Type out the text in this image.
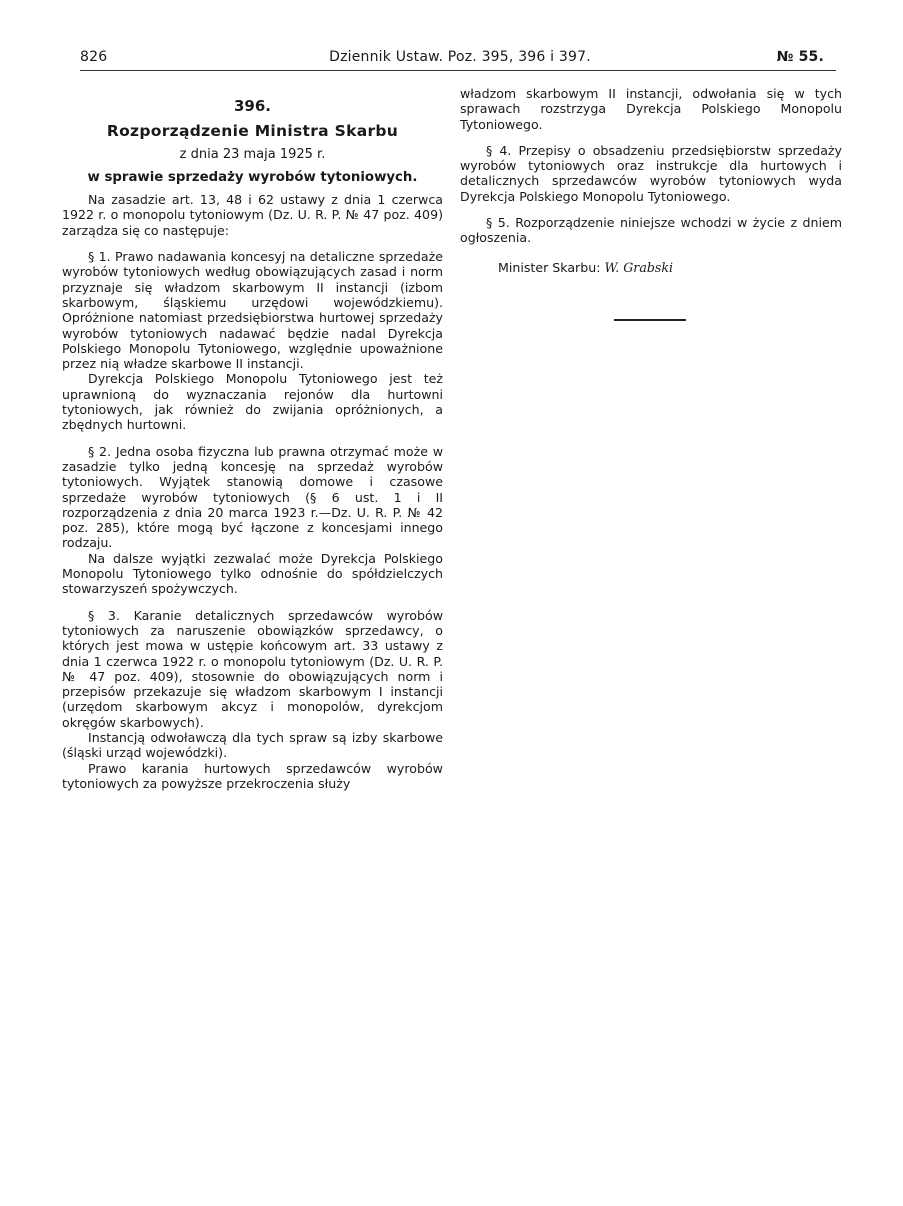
826	Dziennik Ustaw. Poz. 395, 396 i 397.	№ 55.
396.
Rozporządzenie Ministra Skarbu
z dnia 23 maja 1925 r.
w sprawie sprzedaży wyrobów tytoniowych.

Na zasadzie art. 13, 48 i 62 ustawy z dnia 1 czerwca 1922 r. o monopolu tytoniowym (Dz. U. R. P. № 47 poz. 409) zarządza się co następuje:

§ 1. Prawo nadawania koncesyj na detaliczne sprzedaże wyrobów tytoniowych według obowiązujących zasad i norm przyznaje się władzom skarbowym II instancji (izbom skarbowym, śląskiemu urzędowi wojewódzkiemu). Opróżnione natomiast przedsiębiorstwa hurtowej sprzedaży wyrobów tytoniowych nadawać będzie nadal Dyrekcja Polskiego Monopolu Tytoniowego, względnie upoważnione przez nią władze skarbowe II instancji.

Dyrekcja Polskiego Monopolu Tytoniowego jest też uprawnioną do wyznaczania rejonów dla hurtowni tytoniowych, jak również do zwijania opróżnionych, a zbędnych hurtowni.

§ 2. Jedna osoba fizyczna lub prawna otrzymać może w zasadzie tylko jedną koncesję na sprzedaż wyrobów tytoniowych. Wyjątek stanowią domowe i czasowe sprzedaże wyrobów tytoniowych (§ 6 ust. 1 i II rozporządzenia z dnia 20 marca 1923 r.—Dz. U. R. P. № 42 poz. 285), które mogą być łączone z koncesjami innego rodzaju.

Na dalsze wyjątki zezwalać może Dyrekcja Polskiego Monopolu Tytoniowego tylko odnośnie do spółdzielczych stowarzyszeń spożywczych.

§ 3. Karanie detalicznych sprzedawców wyrobów tytoniowych za naruszenie obowiązków sprzedawcy, o których jest mowa w ustępie końcowym art. 33 ustawy z dnia 1 czerwca 1922 r. o monopolu tytoniowym (Dz. U. R. P. № 47 poz. 409), stosownie do obowiązujących norm i przepisów przekazuje się władzom skarbowym I instancji (urzędom skarbowym akcyz i monopolów, dyrekcjom okręgów skarbowych).

Instancją odwoławczą dla tych spraw są izby skarbowe (śląski urząd wojewódzki).

Prawo karania hurtowych sprzedawców wyrobów tytoniowych za powyższe przekroczenia służy

władzom skarbowym II instancji, odwołania się w tych sprawach rozstrzyga Dyrekcja Polskiego Monopolu Tytoniowego.

§ 4. Przepisy o obsadzeniu przedsiębiorstw sprzedaży wyrobów tytoniowych oraz instrukcje dla hurtowych i detalicznych sprzedawców wyrobów tytoniowych wyda Dyrekcja Polskiego Monopolu Tytoniowego.

§ 5. Rozporządzenie niniejsze wchodzi w życie z dniem ogłoszenia.

Minister Skarbu: W. Grabski
